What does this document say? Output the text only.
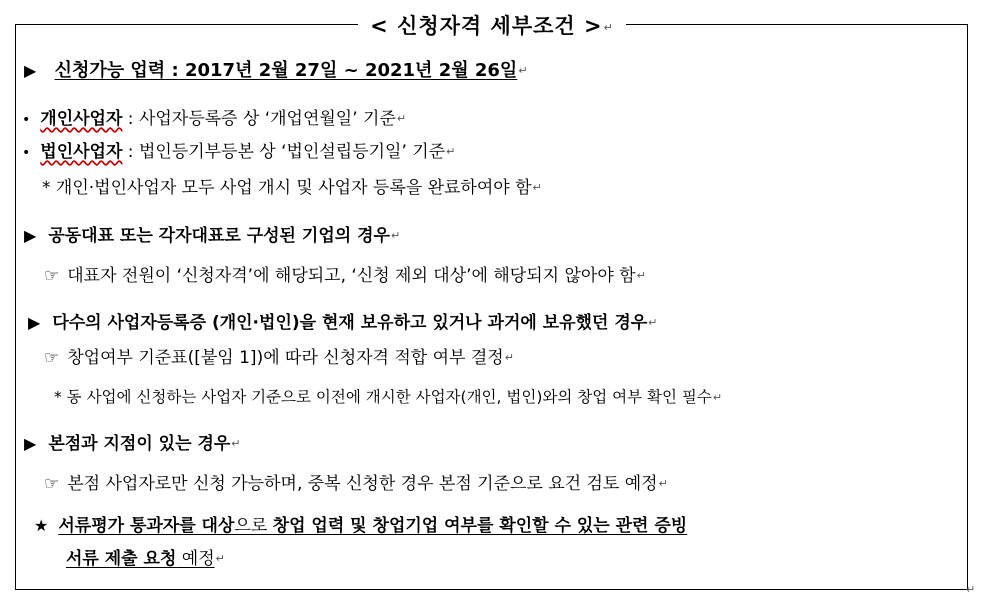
< 신청자격 세부조건 >↵
▶ 신청가능 업력 : 2017년 2월 27일 ~ 2021년 2월 26일↵
• 개인사업자 : 사업자등록증 상 ‘개업연월일’ 기준↵
• 법인사업자 : 법인등기부등본 상 ‘법인설립등기일’ 기준↵
* 개인·법인사업자 모두 사업 개시 및 사업자 등록을 완료하여야 함↵
▶ 공동대표 또는 각자대표로 구성된 기업의 경우↵
☞ 대표자 전원이 ‘신청자격’에 해당되고, ‘신청 제외 대상’에 해당되지 않아야 함↵
▶ 다수의 사업자등록증 (개인·법인)을 현재 보유하고 있거나 과거에 보유했던 경우↵
☞ 창업여부 기준표([붙임 1])에 따라 신청자격 적합 여부 결정↵
* 동 사업에 신청하는 사업자 기준으로 이전에 개시한 사업자(개인, 법인)와의 창업 여부 확인 필수↵
▶ 본점과 지점이 있는 경우↵
☞ 본점 사업자로만 신청 가능하며, 중복 신청한 경우 본점 기준으로 요건 검토 예정↵
★ 서류평가 통과자를 대상으로 창업 업력 및 창업기업 여부를 확인할 수 있는 관련 증빙
서류 제출 요청 예정↵
↵
